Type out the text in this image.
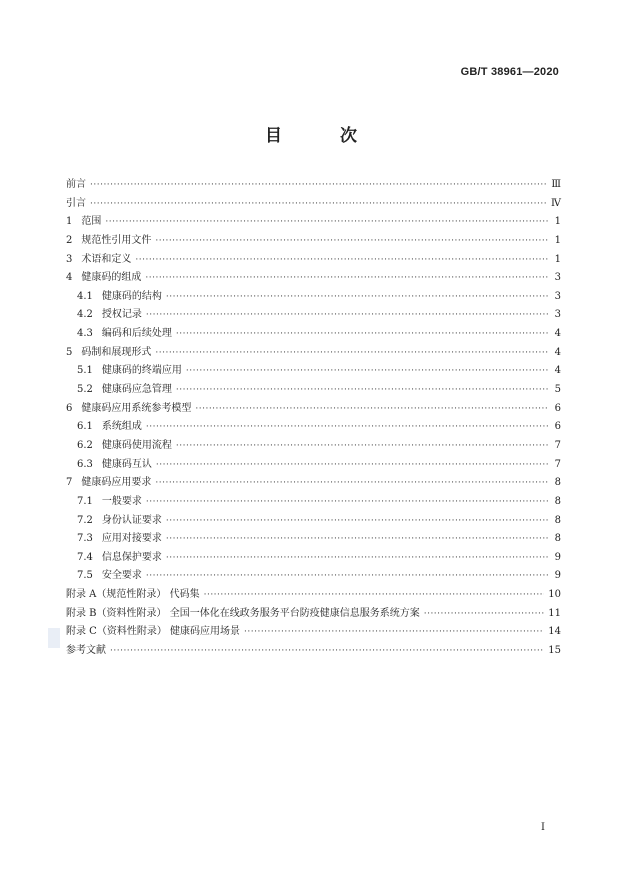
GB/T 38961—2020
目 次
前言 ·····	Ⅲ
引言 ·····	Ⅳ
1 范围 ·····	1
2 规范性引用文件 ·····	1
3 术语和定义 ·····	1
4 健康码的组成 ·····	3
4.1 健康码的结构 ·····	3
4.2 授权记录 ·····	3
4.3 编码和后续处理 ·····	4
5 码制和展现形式 ·····	4
5.1 健康码的终端应用 ·····	4
5.2 健康码应急管理 ·····	5
6 健康码应用系统参考模型 ·····	6
6.1 系统组成 ·····	6
6.2 健康码使用流程 ·····	7
6.3 健康码互认 ·····	7
7 健康码应用要求 ·····	8
7.1 一般要求 ·····	8
7.2 身份认证要求 ·····	8
7.3 应用对接要求 ·····	8
7.4 信息保护要求 ·····	9
7.5 安全要求 ·····	9
附录 A（规范性附录） 代码集 ·····	10
附录 B（资料性附录） 全国一体化在线政务服务平台防疫健康信息服务系统方案 ·····	11
附录 C（资料性附录） 健康码应用场景 ·····	14
参考文献 ·····	15
I
